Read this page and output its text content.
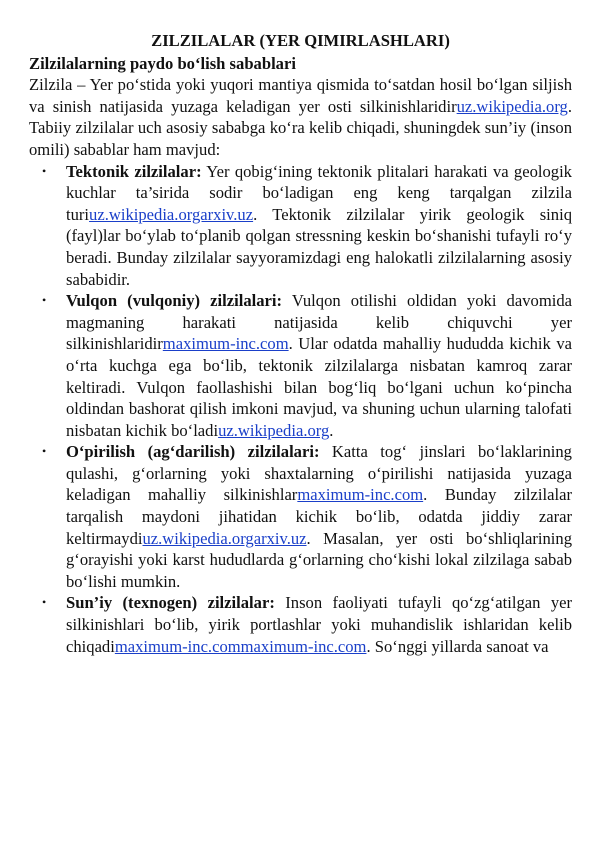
ZILZILALAR (YER QIMIRLASHLARI)

Zilzilalarning paydo bo‘lish sabablari

Zilzila – Yer po‘stida yoki yuqori mantiya qismida to‘satdan hosil bo‘lgan siljish va sinish natijasida yuzaga keladigan yer osti silkinishlaridiruz.wikipedia.org. Tabiiy zilzilalar uch asosiy sababga ko‘ra kelib chiqadi, shuningdek sun’iy (inson omili) sabablar ham mavjud:

• Tektonik zilzilalar: Yer qobig‘ining tektonik plitalari harakati va geologik kuchlar ta’sirida sodir bo‘ladigan eng keng tarqalgan zilzila turiuz.wikipedia.orgarxiv.uz. Tektonik zilzilalar yirik geologik siniq (fayl)lar bo‘ylab to‘planib qolgan stressning keskin bo‘shanishi tufayli ro‘y beradi. Bunday zilzilalar sayyoramizdagi eng halokatli zilzilalarning asosiy sababidir.
• Vulqon (vulqoniy) zilzilalari: Vulqon otilishi oldidan yoki davomida magmaning harakati natijasida kelib chiquvchi yer silkinishlaridirmaximum-inc.com. Ular odatda mahalliy hududda kichik va o‘rta kuchga ega bo‘lib, tektonik zilzilalarga nisbatan kamroq zarar keltiradi. Vulqon faollashishi bilan bog‘liq bo‘lgani uchun ko‘pincha oldindan bashorat qilish imkoni mavjud, va shuning uchun ularning talofati nisbatan kichik bo‘ladiuz.wikipedia.org.
• O‘pirilish (ag‘darilish) zilzilalari: Katta tog‘ jinslari bo‘laklarining qulashi, g‘orlarning yoki shaxtalarning o‘pirilishi natijasida yuzaga keladigan mahalliy silkinishlarmaximum-inc.com. Bunday zilzilalar tarqalish maydoni jihatidan kichik bo‘lib, odatda jiddiy zarar keltirmaydiuz.wikipedia.orgarxiv.uz. Masalan, yer osti bo‘shliqlarining g‘orayishi yoki karst hududlarda g‘orlarning cho‘kishi lokal zilzilaga sabab bo‘lishi mumkin.
• Sun’iy (texnogen) zilzilalar: Inson faoliyati tufayli qo‘zg‘atilgan yer silkinishlari bo‘lib, yirik portlashlar yoki muhandislik ishlaridan kelib chiqadimaximum-inc.commaximum-inc.com. So‘nggi yillarda sanoat va
